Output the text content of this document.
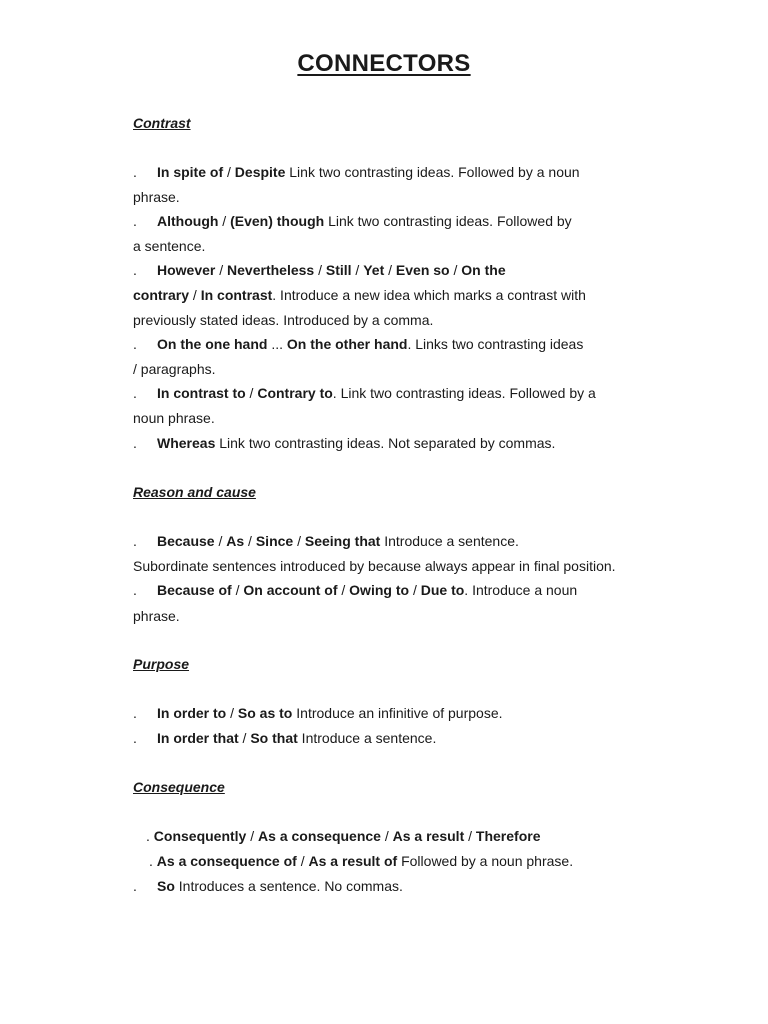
CONNECTORS
Contrast
. In spite of / Despite Link two contrasting ideas. Followed by a noun
phrase.
. Although / (Even) though Link two contrasting ideas. Followed by
a sentence.
. However / Nevertheless / Still / Yet / Even so / On the
contrary / In contrast. Introduce a new idea which marks a contrast with
previously stated ideas. Introduced by a comma.
. On the one hand ... On the other hand. Links two contrasting ideas
/ paragraphs.
. In contrast to / Contrary to. Link two contrasting ideas. Followed by a
noun phrase.
. Whereas Link two contrasting ideas. Not separated by commas.
Reason and cause
. Because / As / Since / Seeing that Introduce a sentence.
Subordinate sentences introduced by because always appear in final position.
. Because of / On account of / Owing to / Due to. Introduce a noun
phrase.
Purpose
. In order to / So as to Introduce an infinitive of purpose.
. In order that / So that Introduce a sentence.
Consequence
. Consequently / As a consequence / As a result / Therefore
. As a consequence of / As a result of Followed by a noun phrase.
. So Introduces a sentence. No commas.
